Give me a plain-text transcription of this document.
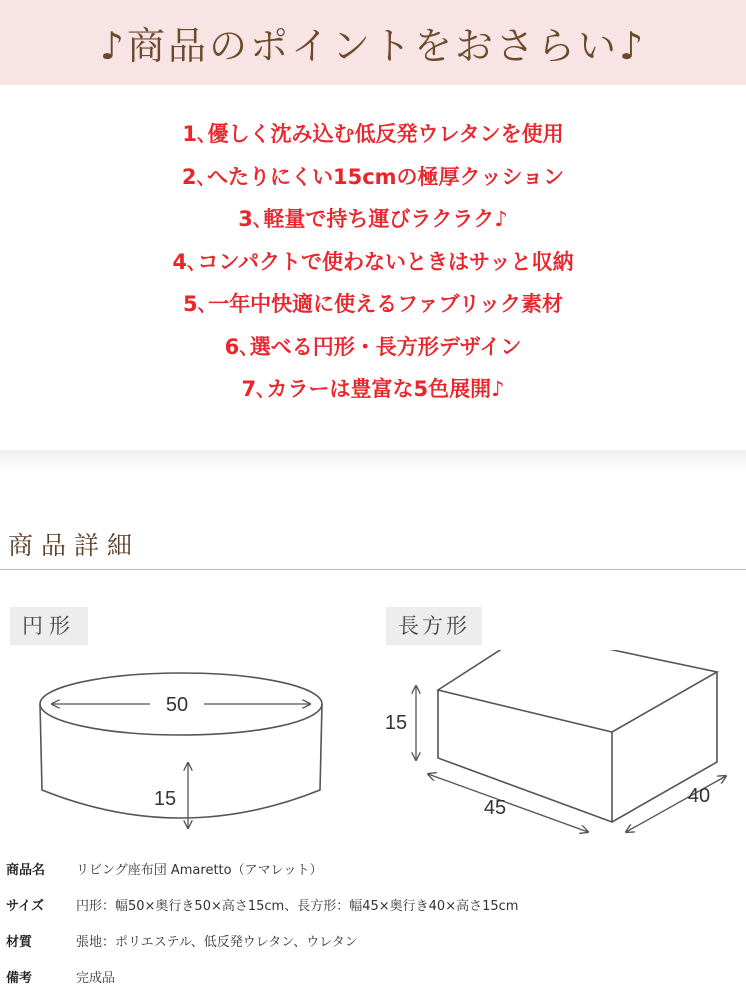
♪商品のポイントをおさらい♪
1､優しく沈み込む低反発ウレタンを使用
2､へたりにくい15cmの極厚クッション
3､軽量で持ち運びラクラク♪
4､コンパクトで使わないときはサッと収納
5､一年中快適に使えるファブリック素材
6､選べる円形・長方形デザイン
7､カラーは豊富な5色展開♪
商品詳細
円形	長方形
50
15
15
45
40
商品名	リビング座布団 Amaretto（アマレット）
サイズ	円形：幅50×奥行き50×高さ15cm、長方形：幅45×奥行き40×高さ15cm
材質	張地：ポリエステル、低反発ウレタン、ウレタン
備考	完成品
